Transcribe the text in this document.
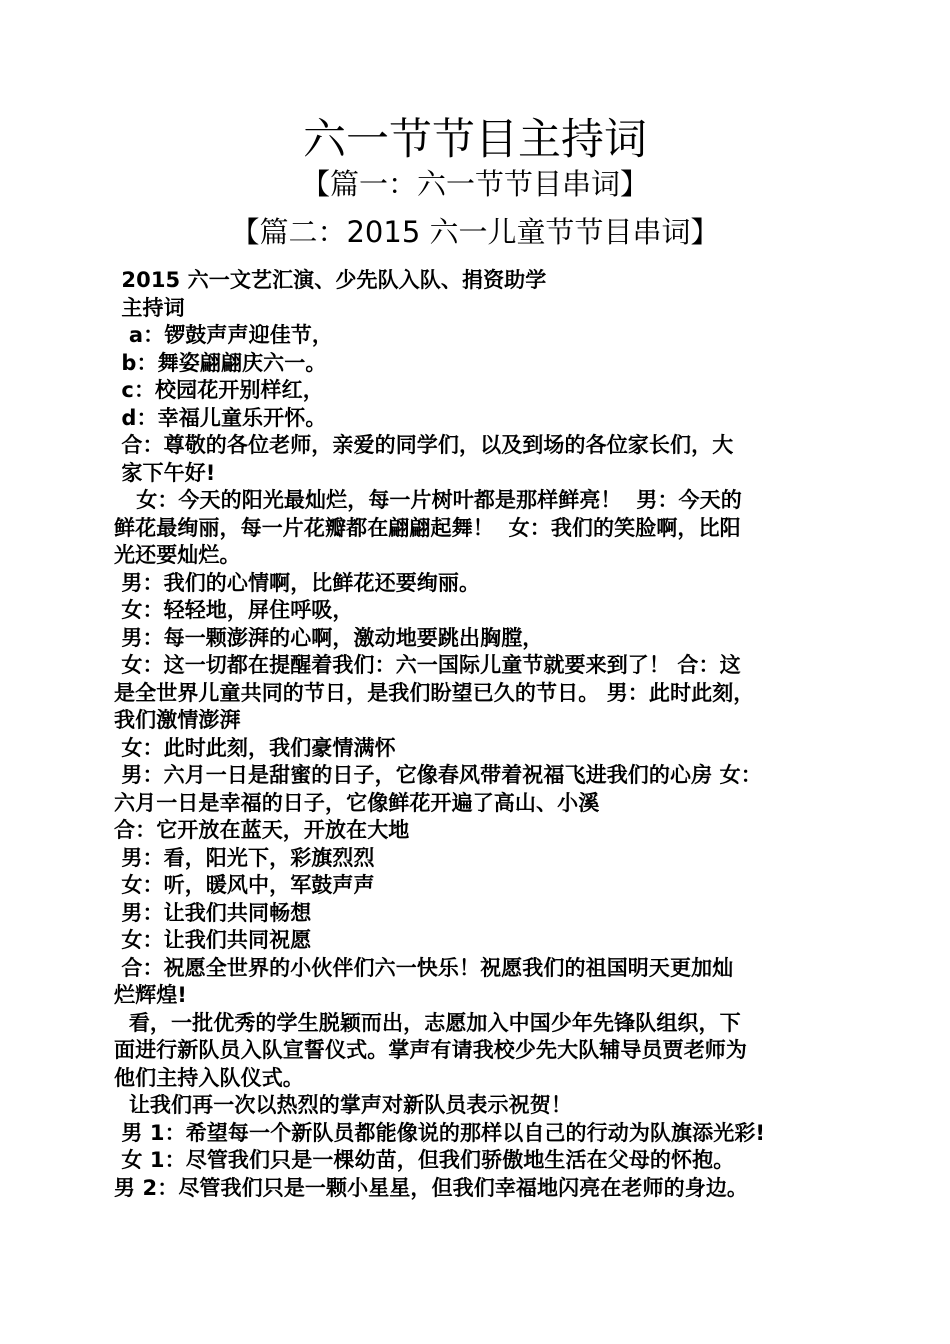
六一节节目主持词
【篇一：六一节节目串词】
【篇二：2015 六一儿童节节目串词】
2015 六一文艺汇演、少先队入队、捐资助学
主持词
a：锣鼓声声迎佳节，
b：舞姿翩翩庆六一。
c：校园花开别样红，
d：幸福儿童乐开怀。
合：尊敬的各位老师，亲爱的同学们，以及到场的各位家长们，大
家下午好!
女：今天的阳光最灿烂，每一片树叶都是那样鲜亮！  男：今天的
鲜花最绚丽，每一片花瓣都在翩翩起舞！  女：我们的笑脸啊，比阳
光还要灿烂。
男：我们的心情啊，比鲜花还要绚丽。
女：轻轻地，屏住呼吸，
男：每一颗澎湃的心啊，激动地要跳出胸膛，
女：这一切都在提醒着我们：六一国际儿童节就要来到了！ 合：这
是全世界儿童共同的节日，是我们盼望已久的节日。 男：此时此刻，
我们激情澎湃
女：此时此刻，我们豪情满怀
男：六月一日是甜蜜的日子，它像春风带着祝福飞进我们的心房 女：
六月一日是幸福的日子，它像鲜花开遍了高山、小溪
合：它开放在蓝天，开放在大地
男：看，阳光下，彩旗烈烈
女：听，暖风中，军鼓声声
男：让我们共同畅想
女：让我们共同祝愿
合：祝愿全世界的小伙伴们六一快乐！祝愿我们的祖国明天更加灿
烂辉煌!
看，一批优秀的学生脱颖而出，志愿加入中国少年先锋队组织，下
面进行新队员入队宣誓仪式。掌声有请我校少先大队辅导员贾老师为
他们主持入队仪式。
让我们再一次以热烈的掌声对新队员表示祝贺！
男 1：希望每一个新队员都能像说的那样以自己的行动为队旗添光彩!
女 1：尽管我们只是一棵幼苗，但我们骄傲地生活在父母的怀抱。
男 2：尽管我们只是一颗小星星，但我们幸福地闪亮在老师的身边。
